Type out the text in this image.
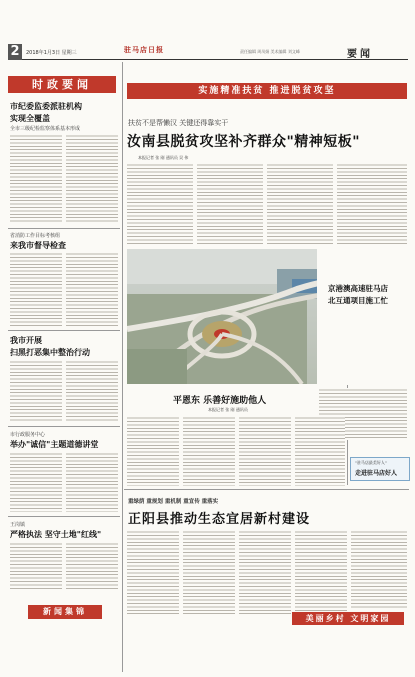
2	2018年1月3日 星期三	驻马店日报	责任编辑 周凤娟 美术编辑 刘文峰	要闻
时政要闻
市纪委监委派驻机构
实现全覆盖
全市三级纪检监察体系基本形成
省消防工作目标考核组
来我市督导检查
我市开展
扫黑打恶集中整治行动
市行政服务中心
举办"诚信"主题道德讲堂
王岗镇
严格执法 坚守土地"红线"
新闻集锦
实施精准扶贫 推进脱贫攻坚
扶贫不是帮懒汉 关键还得靠实干
汝南县脱贫攻坚补齐群众"精神短板"
本报记者 张 刚 通讯员 吴 伟
京港澳高速驻马店
北互通项目施工忙
平恩东 乐善好施助他人
本报记者 张 刚 通讯员
"驻马店最美好人"
走进驻马店好人
重绿荫 重规划 重机制 重宣传 重落实
正阳县推动生态宜居新村建设
美丽乡村 文明家园
